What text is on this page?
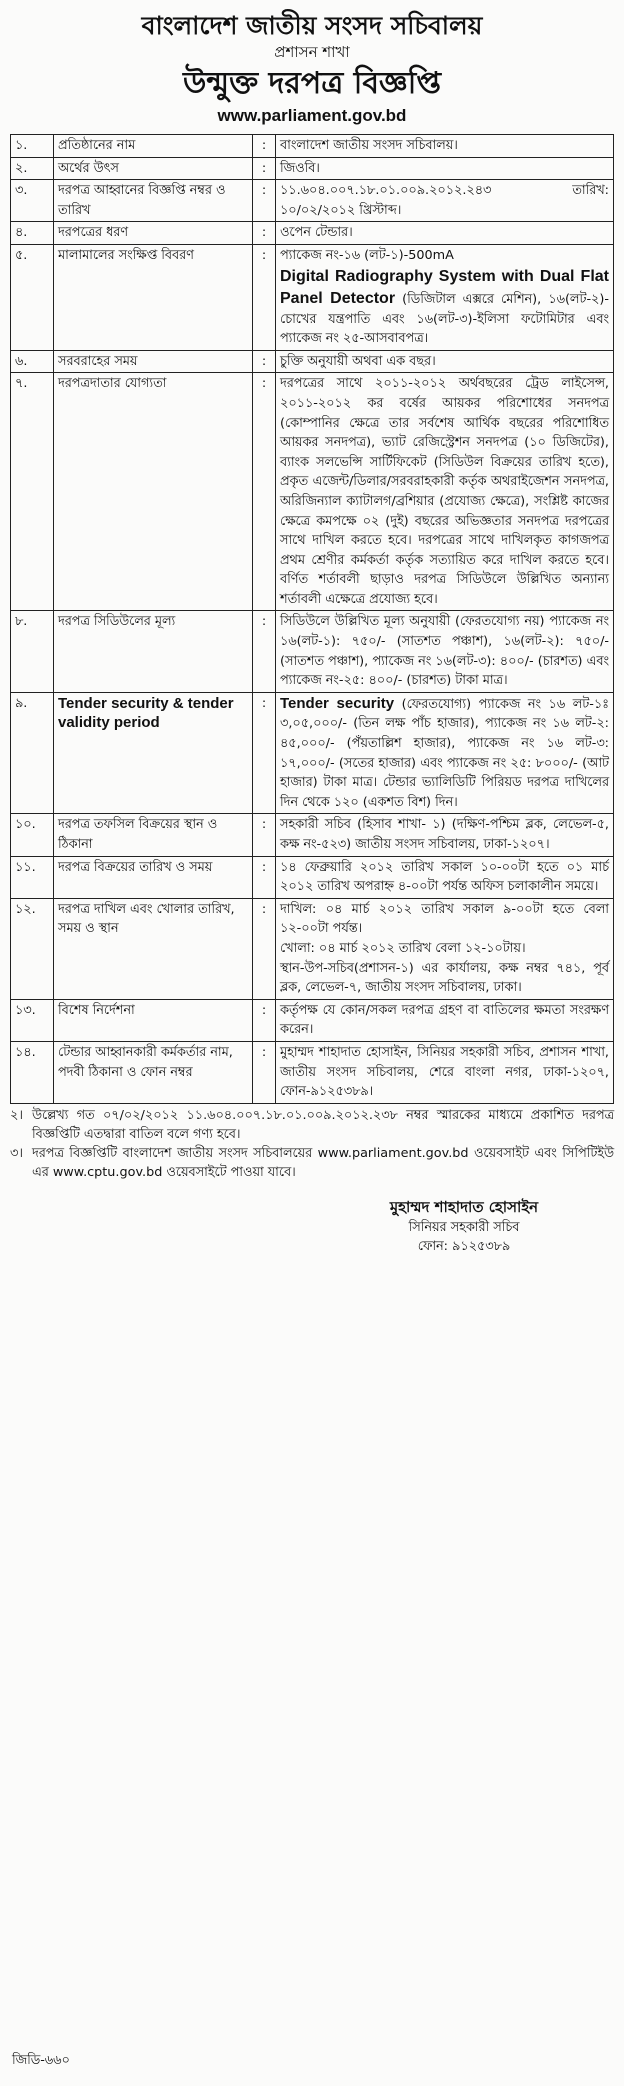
বাংলাদেশ জাতীয় সংসদ সচিবালয়
প্রশাসন শাখা
উন্মুক্ত দরপত্র বিজ্ঞপ্তি
www.parliament.gov.bd
১.	প্রতিষ্ঠানের নাম	:	বাংলাদেশ জাতীয় সংসদ সচিবালয়।
২.	অর্থের উৎস	:	জিওবি।
৩.	দরপত্র আহ্বানের বিজ্ঞপ্তি নম্বর ও তারিখ	:	১১.৬০৪.০০৭.১৮.০১.০০৯.২০১২.২৪৩ তারিখ: ১০/০২/২০১২ খ্রিস্টাব্দ।
৪.	দরপত্রের ধরণ	:	ওপেন টেন্ডার।
৫.	মালামালের সংক্ষিপ্ত বিবরণ	:	প্যাকেজ নং-১৬ (লট-১)-500mA
Digital Radiography System with Dual Flat Panel Detector (ডিজিটাল এক্সরে মেশিন), ১৬(লট-২)-চোখের যন্ত্রপাতি এবং ১৬(লট-৩)-ইলিসা ফটোমিটার এবং প্যাকেজ নং ২৫-আসবাবপত্র।
৬.	সরবরাহের সময়	:	চুক্তি অনুযায়ী অথবা এক বছর।
৭.	দরপত্রদাতার যোগ্যতা	:	দরপত্রের সাথে ২০১১-২০১২ অর্থবছরের ট্রেড লাইসেন্স, ২০১১-২০১২ কর বর্ষের আয়কর পরিশোধের সনদপত্র (কোম্পানির ক্ষেত্রে তার সর্বশেষ আর্থিক বছরের পরিশোধিত আয়কর সনদপত্র), ভ্যাট রেজিস্ট্রেশন সনদপত্র (১০ ডিজিটের), ব্যাংক সলভেন্সি সার্টিফিকেট (সিডিউল বিক্রয়ের তারিখ হতে), প্রকৃত এজেন্ট/ডিলার/সরবরাহকারী কর্তৃক অথরাইজেশন সনদপত্র, অরিজিন্যাল ক্যাটালগ/ব্রশিয়ার (প্রযোজ্য ক্ষেত্রে), সংশ্লিষ্ট কাজের ক্ষেত্রে কমপক্ষে ০২ (দুই) বছরের অভিজ্ঞতার সনদপত্র দরপত্রের সাথে দাখিল করতে হবে। দরপত্রের সাথে দাখিলকৃত কাগজপত্র প্রথম শ্রেণীর কর্মকর্তা কর্তৃক সত্যায়িত করে দাখিল করতে হবে। বর্ণিত শর্তাবলী ছাড়াও দরপত্র সিডিউলে উল্লিখিত অন্যান্য শর্তাবলী এক্ষেত্রে প্রযোজ্য হবে।
৮.	দরপত্র সিডিউলের মূল্য	:	সিডিউলে উল্লিখিত মূল্য অনুযায়ী (ফেরতযোগ্য নয়) প্যাকেজ নং ১৬(লট-১): ৭৫০/- (সাতশত পঞ্চাশ), ১৬(লট-২): ৭৫০/- (সাতশত পঞ্চাশ), প্যাকেজ নং ১৬(লট-৩): ৪০০/- (চারশত) এবং প্যাকেজ নং-২৫: ৪০০/- (চারশত) টাকা মাত্র।
৯.	Tender security & tender validity period	:	Tender security (ফেরতযোগ্য) প্যাকেজ নং ১৬ লট-১ঃ ৩,০৫,০০০/- (তিন লক্ষ পাঁচ হাজার), প্যাকেজ নং ১৬ লট-২: ৪৫,০০০/- (পঁয়তাল্লিশ হাজার), প্যাকেজ নং ১৬ লট-৩: ১৭,০০০/- (সতের হাজার) এবং প্যাকেজ নং ২৫: ৮০০০/- (আট হাজার) টাকা মাত্র। টেন্ডার ভ্যালিডিটি পিরিয়ড দরপত্র দাখিলের দিন থেকে ১২০ (একশত বিশ) দিন।
১০.	দরপত্র তফসিল বিক্রয়ের স্থান ও ঠিকানা	:	সহকারী সচিব (হিসাব শাখা- ১) (দক্ষিণ-পশ্চিম ব্লক, লেভেল-৫, কক্ষ নং-৫২৩) জাতীয় সংসদ সচিবালয়, ঢাকা-১২০৭।
১১.	দরপত্র বিক্রয়ের তারিখ ও সময়	:	১৪ ফেব্রুয়ারি ২০১২ তারিখ সকাল ১০-০০টা হতে ০১ মার্চ ২০১২ তারিখ অপরাহ্ন ৪-০০টা পর্যন্ত অফিস চলাকালীন সময়ে।
১২.	দরপত্র দাখিল এবং খোলার তারিখ, সময় ও স্থান	:	দাখিল: ০৪ মার্চ ২০১২ তারিখ সকাল ৯-০০টা হতে বেলা ১২-০০টা পর্যন্ত।
খোলা: ০৪ মার্চ ২০১২ তারিখ বেলা ১২-১০টায়।
স্থান-উপ-সচিব(প্রশাসন-১) এর কার্যালয়, কক্ষ নম্বর ৭৪১, পূর্ব ব্লক, লেভেল-৭, জাতীয় সংসদ সচিবালয়, ঢাকা।

১৩.	বিশেষ নির্দেশনা	:	কর্তৃপক্ষ যে কোন/সকল দরপত্র গ্রহণ বা বাতিলের ক্ষমতা সংরক্ষণ করেন।
১৪.	টেন্ডার আহ্বানকারী কর্মকর্তার নাম, পদবী ঠিকানা ও ফোন নম্বর	:	মুহাম্মদ শাহাদাত হোসাইন, সিনিয়র সহকারী সচিব, প্রশাসন শাখা, জাতীয় সংসদ সচিবালয়, শেরে বাংলা নগর, ঢাকা-১২০৭, ফোন-৯১২৫৩৮৯।
২। উল্লেখ্য গত ০৭/০২/২০১২ ১১.৬০৪.০০৭.১৮.০১.০০৯.২০১২.২৩৮ নম্বর স্মারকের মাধ্যমে প্রকাশিত দরপত্র বিজ্ঞপ্তিটি এতদ্বারা বাতিল বলে গণ্য হবে।
৩। দরপত্র বিজ্ঞপ্তিটি বাংলাদেশ জাতীয় সংসদ সচিবালয়ের www.parliament.gov.bd ওয়েবসাইট এবং সিপিটিইউ এর www.cptu.gov.bd ওয়েবসাইটে পাওয়া যাবে।
মুহাম্মদ শাহাদাত হোসাইন
সিনিয়র সহকারী সচিব
ফোন: ৯১২৫৩৮৯
জিডি-৬৬০
